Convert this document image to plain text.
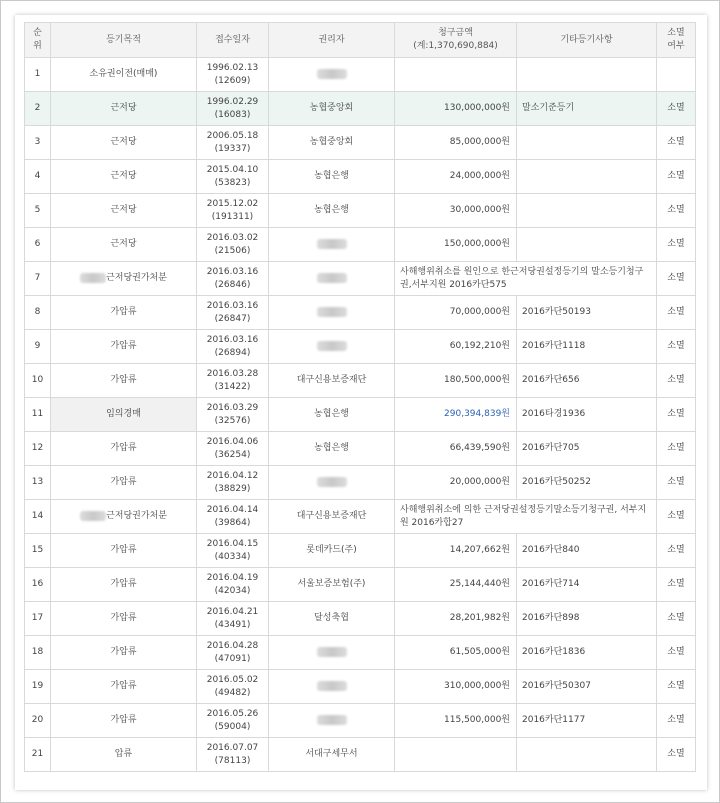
순
위	등기목적	접수일자	권리자	청구금액
(계:1,370,690,884)	기타등기사항	소멸
여부

1	소유권이전(매매)	1996.02.13
(12609)				

2	근저당	1996.02.29
(16083)	농협중앙회	130,000,000원	말소기준등기	소멸
3	근저당	2006.05.18
(19337)	농협중앙회	85,000,000원		소멸
4	근저당	2015.04.10
(53823)	농협은행	24,000,000원		소멸
5	근저당	2015.12.02
(191311)	농협은행	30,000,000원		소멸
6	근저당	2016.03.02
(21506)		150,000,000원		소멸
7	근저당권가처분	2016.03.16
(26846)		사해행위취소를 원인으로 한근저당권설정등기의 말소등기청구권,서부지원 2016카단575		소멸
8	가압류	2016.03.16
(26847)		70,000,000원	2016카단50193	소멸
9	가압류	2016.03.16
(26894)		60,192,210원	2016카단1118	소멸
10	가압류	2016.03.28
(31422)	대구신용보증재단	180,500,000원	2016카단656	소멸
11	임의경매	2016.03.29
(32576)	농협은행	290,394,839원	2016타경1936	소멸
12	가압류	2016.04.06
(36254)	농협은행	66,439,590원	2016카단705	소멸
13	가압류	2016.04.12
(38829)		20,000,000원	2016카단50252	소멸
14	근저당권가처분	2016.04.14
(39864)	대구신용보증재단	사해행위취소에 의한 근저당권설정등기말소등기청구권, 서부지원 2016카합27		소멸
15	가압류	2016.04.15
(40334)	롯데카드(주)	14,207,662원	2016카단840	소멸
16	가압류	2016.04.19
(42034)	서울보증보험(주)	25,144,440원	2016카단714	소멸
17	가압류	2016.04.21
(43491)	달성축협	28,201,982원	2016카단898	소멸
18	가압류	2016.04.28
(47091)		61,505,000원	2016카단1836	소멸
19	가압류	2016.05.02
(49482)		310,000,000원	2016카단50307	소멸
20	가압류	2016.05.26
(59004)		115,500,000원	2016카단1177	소멸
21	압류	2016.07.07
(78113)	서대구세무서			소멸
